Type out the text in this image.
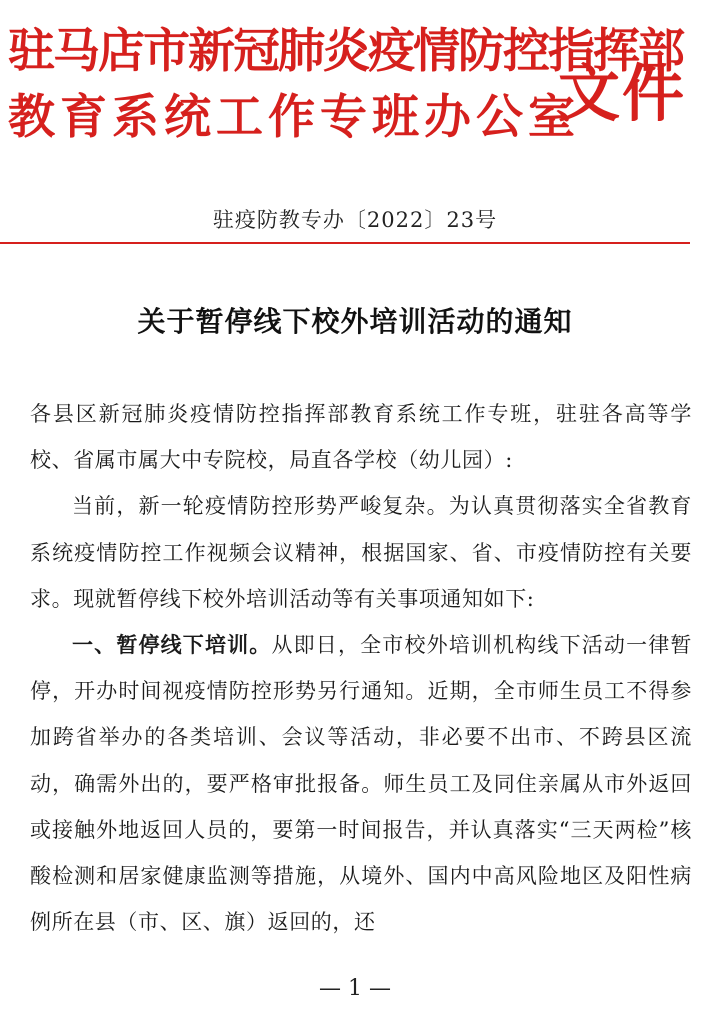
驻马店市新冠肺炎疫情防控指挥部
教育系统工作专班办公室
文件
驻疫防教专办〔2022〕23号
关于暂停线下校外培训活动的通知

各县区新冠肺炎疫情防控指挥部教育系统工作专班，驻驻各高等学校、省属市属大中专院校，局直各学校（幼儿园）:

当前，新一轮疫情防控形势严峻复杂。为认真贯彻落实全省教育系统疫情防控工作视频会议精神，根据国家、省、市疫情防控有关要求。现就暂停线下校外培训活动等有关事项通知如下:

一、暂停线下培训。从即日，全市校外培训机构线下活动一律暂停，开办时间视疫情防控形势另行通知。近期，全市师生员工不得参加跨省举办的各类培训、会议等活动，非必要不出市、不跨县区流动，确需外出的，要严格审批报备。师生员工及同住亲属从市外返回或接触外地返回人员的，要第一时间报告，并认真落实“三天两检”核酸检测和居家健康监测等措施，从境外、国内中高风险地区及阳性病例所在县（市、区、旗）返回的，还

— 1 —
